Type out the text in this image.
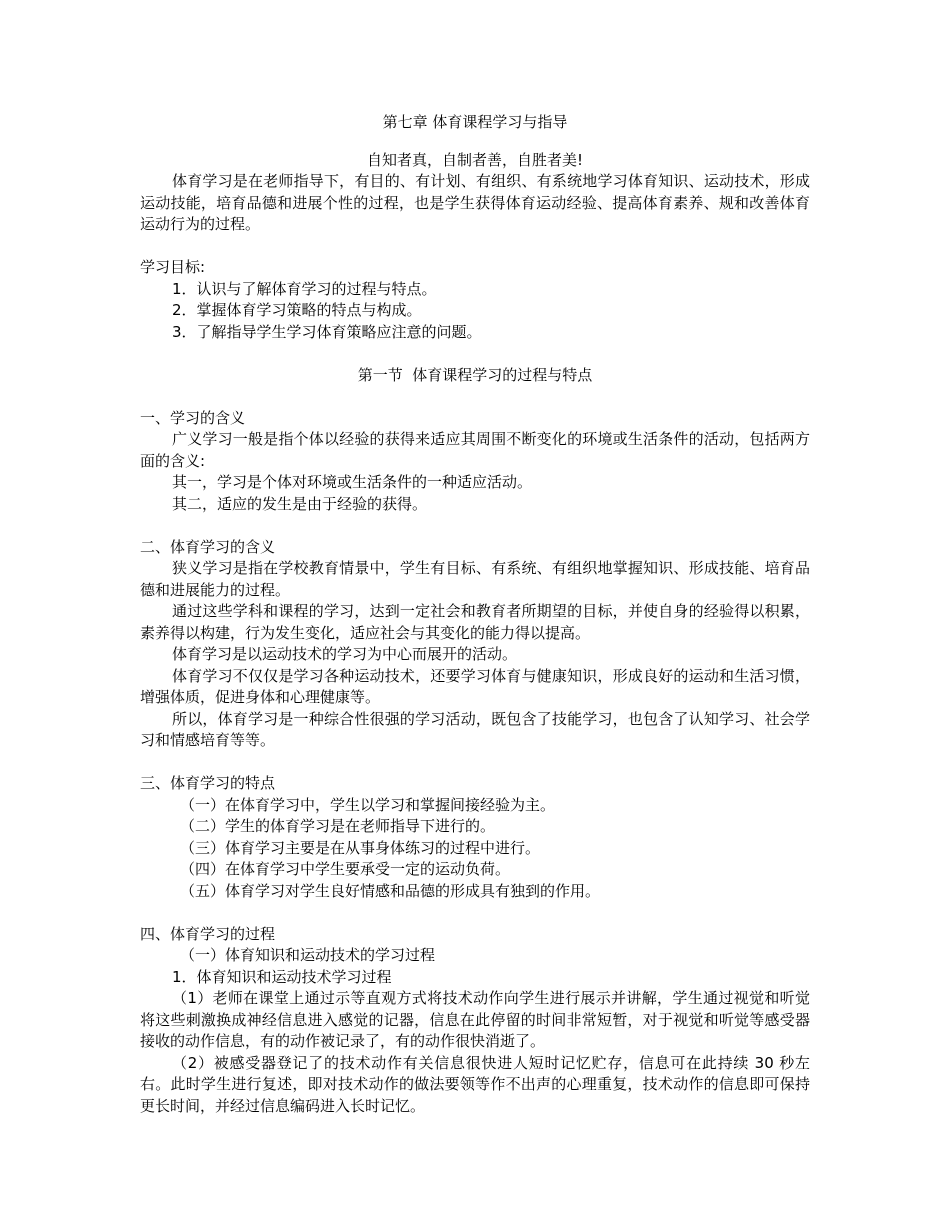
第七章 体育课程学习与指导
自知者真，自制者善，自胜者美!
体育学习是在老师指导下，有目的、有计划、有组织、有系统地学习体育知识、运动技术，形成运动技能，培育品德和进展个性的过程，也是学生获得体育运动经验、提高体育素养、规和改善体育运动行为的过程。
学习目标:
1．认识与了解体育学习的过程与特点。
2．掌握体育学习策略的特点与构成。
3．了解指导学生学习体育策略应注意的问题。
第一节  体育课程学习的过程与特点
一、学习的含义
广义学习一般是指个体以经验的获得来适应其周围不断变化的环境或生活条件的活动，包括两方面的含义:
其一，学习是个体对环境或生活条件的一种适应活动。
其二，适应的发生是由于经验的获得。
二、体育学习的含义
狭义学习是指在学校教育情景中，学生有目标、有系统、有组织地掌握知识、形成技能、培育品德和进展能力的过程。
通过这些学科和课程的学习，达到一定社会和教育者所期望的目标，并使自身的经验得以积累，素养得以构建，行为发生变化，适应社会与其变化的能力得以提高。
体育学习是以运动技术的学习为中心而展开的活动。
体育学习不仅仅是学习各种运动技术，还要学习体育与健康知识，形成良好的运动和生活习惯，增强体质，促进身体和心理健康等。
所以，体育学习是一种综合性很强的学习活动，既包含了技能学习，也包含了认知学习、社会学习和情感培育等等。
三、体育学习的特点
（一）在体育学习中，学生以学习和掌握间接经验为主。
（二）学生的体育学习是在老师指导下进行的。
（三）体育学习主要是在从事身体练习的过程中进行。
（四）在体育学习中学生要承受一定的运动负荷。
（五）体育学习对学生良好情感和品德的形成具有独到的作用。
四、体育学习的过程
（一）体育知识和运动技术的学习过程
1．体育知识和运动技术学习过程
（1）老师在课堂上通过示等直观方式将技术动作向学生进行展示并讲解，学生通过视觉和听觉将这些刺激换成神经信息进入感觉的记器，信息在此停留的时间非常短暂，对于视觉和听觉等感受器接收的动作信息，有的动作被记录了，有的动作很快消逝了。
（2）被感受器登记了的技术动作有关信息很快进人短时记忆贮存，信息可在此持续 30 秒左右。此时学生进行复述，即对技术动作的做法要领等作不出声的心理重复，技术动作的信息即可保持更长时间，并经过信息编码进入长时记忆。
